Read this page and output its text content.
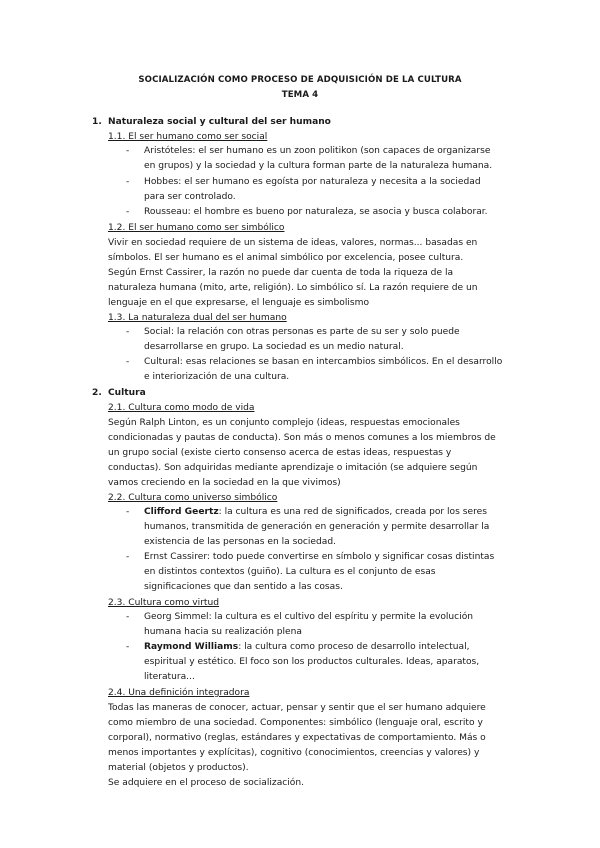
SOCIALIZACIÓN COMO PROCESO DE ADQUISICIÓN DE LA CULTURA
TEMA 4
1. Naturaleza social y cultural del ser humano
1.1. El ser humano como ser social
- Aristóteles: el ser humano es un zoon politikon (son capaces de organizarse
en grupos) y la sociedad y la cultura forman parte de la naturaleza humana.
- Hobbes: el ser humano es egoísta por naturaleza y necesita a la sociedad
para ser controlado.
- Rousseau: el hombre es bueno por naturaleza, se asocia y busca colaborar.
1.2. El ser humano como ser simbólico
Vivir en sociedad requiere de un sistema de ideas, valores, normas... basadas en
símbolos. El ser humano es el animal simbólico por excelencia, posee cultura.
Según Ernst Cassirer, la razón no puede dar cuenta de toda la riqueza de la
naturaleza humana (mito, arte, religión). Lo simbólico sí. La razón requiere de un
lenguaje en el que expresarse, el lenguaje es simbolismo
1.3. La naturaleza dual del ser humano
- Social: la relación con otras personas es parte de su ser y solo puede
desarrollarse en grupo. La sociedad es un medio natural.
- Cultural: esas relaciones se basan en intercambios simbólicos. En el desarrollo
e interiorización de una cultura.
2. Cultura
2.1. Cultura como modo de vida
Según Ralph Linton, es un conjunto complejo (ideas, respuestas emocionales
condicionadas y pautas de conducta). Son más o menos comunes a los miembros de
un grupo social (existe cierto consenso acerca de estas ideas, respuestas y
conductas). Son adquiridas mediante aprendizaje o imitación (se adquiere según
vamos creciendo en la sociedad en la que vivimos)
2.2. Cultura como universo simbólico
- Clifford Geertz: la cultura es una red de significados, creada por los seres
humanos, transmitida de generación en generación y permite desarrollar la
existencia de las personas en la sociedad.
- Ernst Cassirer: todo puede convertirse en símbolo y significar cosas distintas
en distintos contextos (guiño). La cultura es el conjunto de esas
significaciones que dan sentido a las cosas.
2.3. Cultura como virtud
- Georg Simmel: la cultura es el cultivo del espíritu y permite la evolución
humana hacia su realización plena
- Raymond Williams: la cultura como proceso de desarrollo intelectual,
espiritual y estético. El foco son los productos culturales. Ideas, aparatos,
literatura...
2.4. Una definición integradora
Todas las maneras de conocer, actuar, pensar y sentir que el ser humano adquiere
como miembro de una sociedad. Componentes: simbólico (lenguaje oral, escrito y
corporal), normativo (reglas, estándares y expectativas de comportamiento. Más o
menos importantes y explícitas), cognitivo (conocimientos, creencias y valores) y
material (objetos y productos).
Se adquiere en el proceso de socialización.
